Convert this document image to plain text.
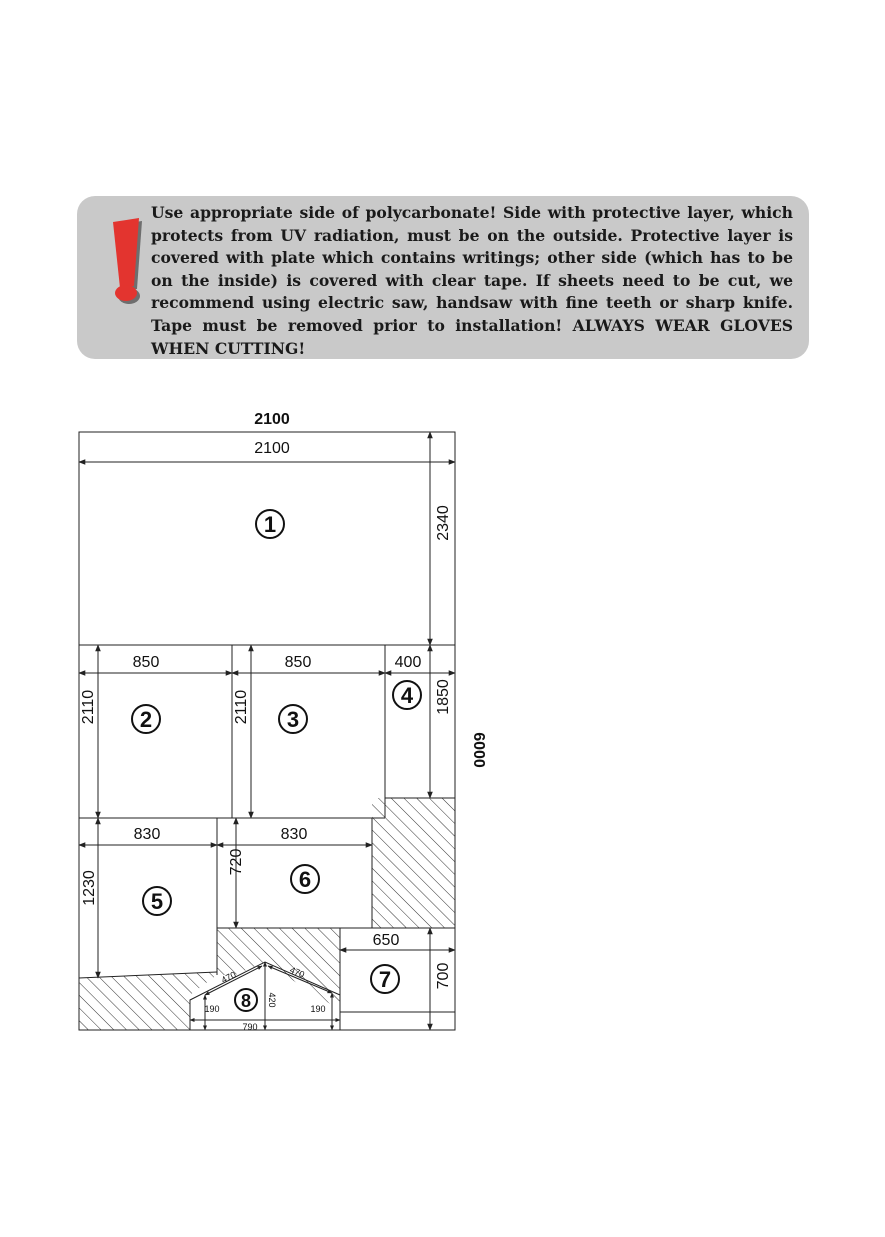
Use appropriate side of polycarbonate! Side with protective layer, which protects from UV radiation, must be on the outside. Protective layer is covered with plate which contains writings; other side (which has to be on the inside) is covered with clear tape. If sheets need to be cut, we recommend using electric saw, handsaw with fine teeth or sharp knife. Tape must be removed prior to installation! ALWAYS WEAR GLOVES WHEN CUTTING!
2100
6000
2100
2340
850
2110
850
2110
400
1850
830
1230
830
720
650
700
470	470
420
190	190
790
1
2	3
4
5
6
7
8
